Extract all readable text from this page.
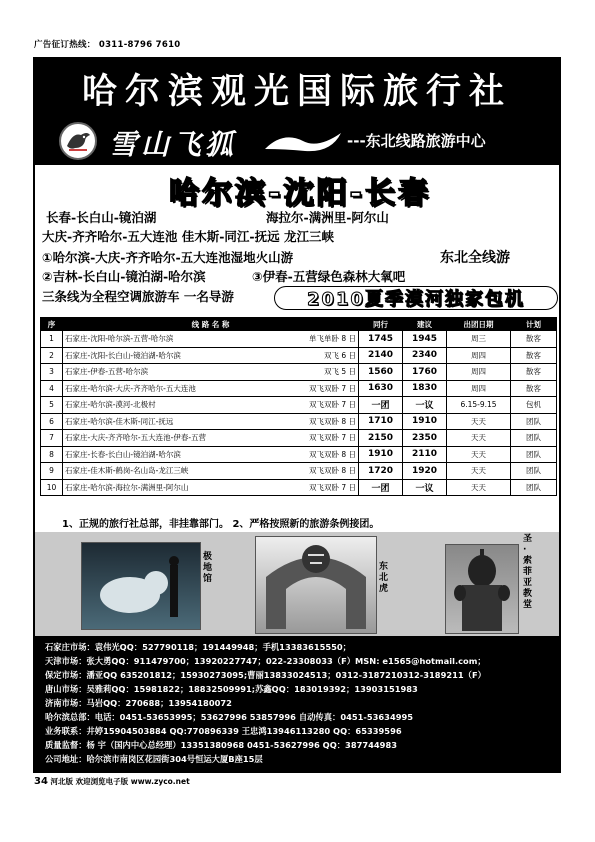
广告征订热线： 0311-8796 7610
哈尔滨观光国际旅行社
雪山飞狐	---东北线路旅游中心
哈尔滨-沈阳-长春
长春-长白山-镜泊湖	海拉尔-满洲里-阿尔山
大庆-齐齐哈尔-五大连池 佳木斯-同江-抚远 龙江三峡
①哈尔滨-大庆-齐齐哈尔-五大连池湿地火山游
②吉林-长白山-镜泊湖-哈尔滨	③伊春-五营绿色森林大氧吧
三条线为全程空调旅游车 一名导游
东北全线游
2010夏季漠河独家包机
序	线 路 名 称	同行	建议	出团日期	计划
1	石家庄-沈阳-哈尔滨-五营-哈尔滨 单飞单卧 8 日	1745	1945	周三	散客
2	石家庄-沈阳-长白山-镜泊湖-哈尔滨 双飞 6 日	2140	2340	周四	散客
3	石家庄-伊春-五营-哈尔滨 双飞 5 日	1560	1760	周四	散客
4	石家庄-哈尔滨-大庆-齐齐哈尔-五大连池 双飞双卧 7 日	1630	1830	周四	散客
5	石家庄-哈尔滨-漠河-北极村 双飞双卧 7 日	一团	一议	6.15-9.15	包机
6	石家庄-哈尔滨-佳木斯-同江-抚远 双飞双卧 8 日	1710	1910	天天	团队
7	石家庄-大庆-齐齐哈尔-五大连池-伊春-五营 双飞双卧 7 日	2150	2350	天天	团队
8	石家庄-长春-长白山-镜泊湖-哈尔滨 双飞双卧 8 日	1910	2110	天天	团队
9	石家庄-佳木斯-鹤岗-名山岛-龙江三峡 双飞双卧 8 日	1720	1920	天天	团队
10	石家庄-哈尔滨-海拉尔-满洲里-阿尔山 双飞双卧 7 日	一团	一议	天天	团队
1、正规的旅行社总部，非挂靠部门。 2、严格按照新的旅游条例接团。
极地馆
东北虎
圣·索菲亚教堂
石家庄市场：袁伟光QQ：527790118；191449948；手机13383615550；
天津市场：张大勇QQ：911479700；13920227747；022-23308033（F）MSN: e1565@hotmail.com；
保定市场：潘亚QQ 635201812；15930273095;曹丽13833024513；0312-3187210312-3189211（F）
唐山市场：吴雅莉QQ：15981822；18832509991;苏鑫QQ：183019392；13903151983
济南市场：马岩QQ：270688；13954180072
哈尔滨总部：电话：0451-53653995；53627996 53857996 自动传真：0451-53634995
业务联系：井婷15904503884 QQ:770896339 王忠鸿13946113280 QQ：65339596
质量监督：杨 宇（国内中心总经理）13351380968 0451-53627996 QQ：387744983
公司地址：哈尔滨市南岗区花园街304号恒运大厦B座15层
34 河北版 欢迎浏览电子版 www.zyco.net
